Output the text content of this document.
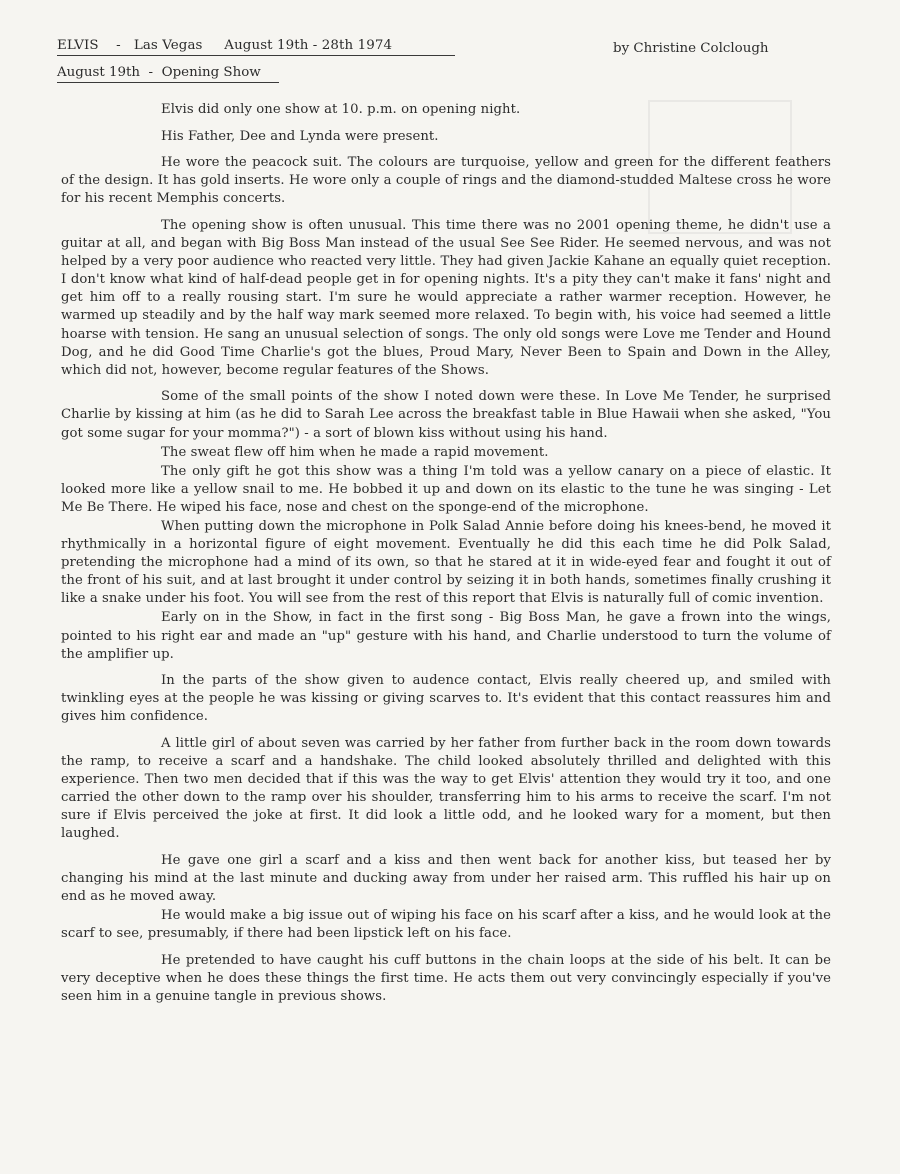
ELVIS    -   Las Vegas     August 19th - 28th 1974	by Christine Colclough
August 19th  -  Opening Show

Elvis did only one show at 10. p.m. on opening night.

His Father, Dee and Lynda were present.

He wore the peacock suit. The colours are turquoise, yellow and green for the different feathers of the design. It has gold inserts. He wore only a couple of rings and the diamond-studded Maltese cross he wore for his recent Memphis concerts.

The opening show is often unusual. This time there was no 2001 opening theme, he didn't use a guitar at all, and began with Big Boss Man instead of the usual See See Rider. He seemed nervous, and was not helped by a very poor audience who reacted very little. They had given Jackie Kahane an equally quiet reception. I don't know what kind of half-dead people get in for opening nights. It's a pity they can't make it fans' night and get him off to a really rousing start. I'm sure he would appreciate a rather warmer reception. However, he warmed up steadily and by the half way mark seemed more relaxed. To begin with, his voice had seemed a little hoarse with tension. He sang an unusual selection of songs. The only old songs were Love me Tender and Hound Dog, and he did Good Time Charlie's got the blues, Proud Mary, Never Been to Spain and Down in the Alley, which did not, however, become regular features of the Shows.

Some of the small points of the show I noted down were these. In Love Me Tender, he surprised Charlie by kissing at him (as he did to Sarah Lee across the breakfast table in Blue Hawaii when she asked, "You got some sugar for your momma?") - a sort of blown kiss without using his hand.

The sweat flew off him when he made a rapid movement.

The only gift he got this show was a thing I'm told was a yellow canary on a piece of elastic. It looked more like a yellow snail to me. He bobbed it up and down on its elastic to the tune he was singing - Let Me Be There. He wiped his face, nose and chest on the sponge-end of the microphone.

When putting down the microphone in Polk Salad Annie before doing his knees-bend, he moved it rhythmically in a horizontal figure of eight movement. Eventually he did this each time he did Polk Salad, pretending the microphone had a mind of its own, so that he stared at it in wide-eyed fear and fought it out of the front of his suit, and at last brought it under control by seizing it in both hands, sometimes finally crushing it like a snake under his foot. You will see from the rest of this report that Elvis is naturally full of comic invention.

Early on in the Show, in fact in the first song - Big Boss Man, he gave a frown into the wings, pointed to his right ear and made an "up" gesture with his hand, and Charlie understood to turn the volume of the amplifier up.

In the parts of the show given to audence contact, Elvis really cheered up, and smiled with twinkling eyes at the people he was kissing or giving scarves to. It's evident that this contact reassures him and gives him confidence.

A little girl of about seven was carried by her father from further back in the room down towards the ramp, to receive a scarf and a handshake. The child looked absolutely thrilled and delighted with this experience. Then two men decided that if this was the way to get Elvis' attention they would try it too, and one carried the other down to the ramp over his shoulder, transferring him to his arms to receive the scarf. I'm not sure if Elvis perceived the joke at first. It did look a little odd, and he looked wary for a moment, but then laughed.

He gave one girl a scarf and a kiss and then went back for another kiss, but teased her by changing his mind at the last minute and ducking away from under her raised arm. This ruffled his hair up on end as he moved away.

He would make a big issue out of wiping his face on his scarf after a kiss, and he would look at the scarf to see, presumably, if there had been lipstick left on his face.

He pretended to have caught his cuff buttons in the chain loops at the side of his belt. It can be very deceptive when he does these things the first time. He acts them out very convincingly especially if you've seen him in a genuine tangle in previous shows.
